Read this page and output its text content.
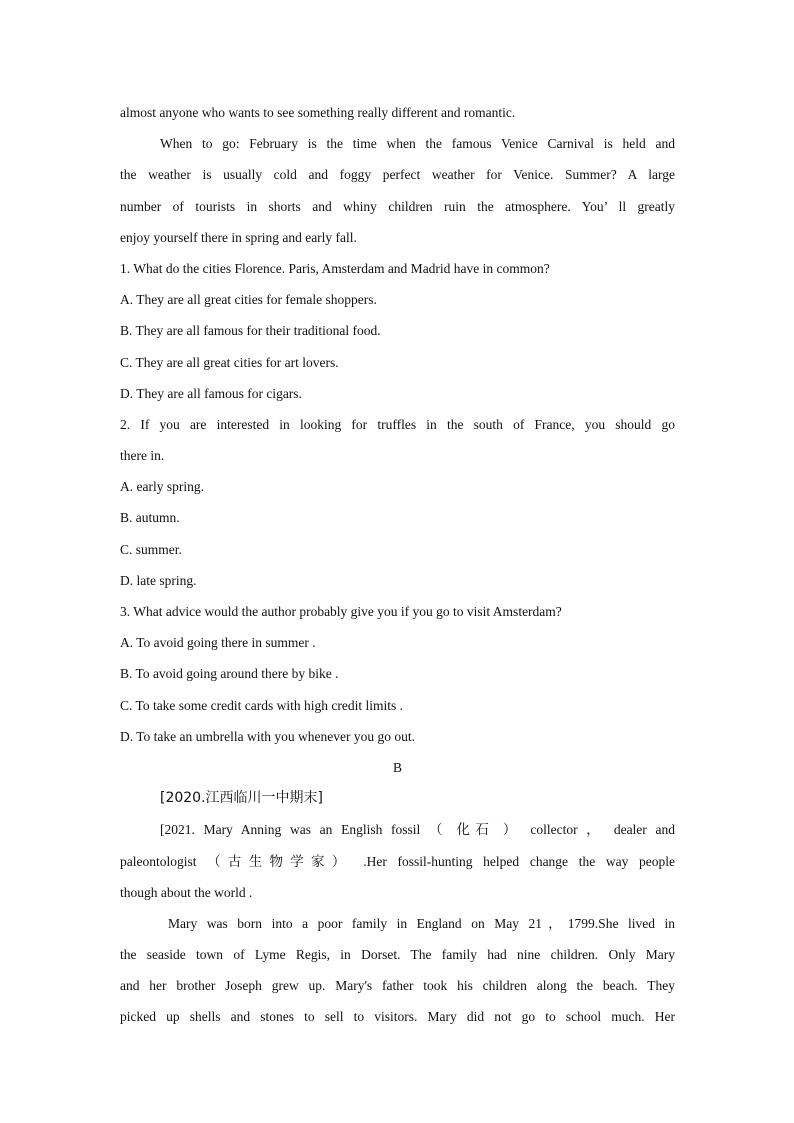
almost anyone who wants to see something really different and romantic.
When to go: February is the time when the famous Venice Carnival is held and
the weather is usually cold and foggy perfect weather for Venice. Summer? A large
number of tourists in shorts and whiny children ruin the atmosphere. You’ ll greatly
enjoy yourself there in spring and early fall.
1. What do the cities Florence. Paris, Amsterdam and Madrid have in common?
A. They are all great cities for female shoppers.
B. They are all famous for their traditional food.
C. They are all great cities for art lovers.
D. They are all famous for cigars.
2. If you are interested in looking for truffles in the south of France, you should go
there in.
A. early spring.
B. autumn.
C. summer.
D. late spring.
3. What advice would the author probably give you if you go to visit Amsterdam?
A. To avoid going there in summer .
B. To avoid going around there by bike .
C. To take some credit cards with high credit limits .
D. To take an umbrella with you whenever you go out.
B
[2020.江西临川一中期末]
[2021. Mary Anning was an English fossil （ 化石 ） collector ， dealer and
paleontologist （古生物学家） .Her fossil-hunting helped change the way people
though about the world .
Mary was born into a poor family in England on May 21，1799.She lived in
the seaside town of Lyme Regis, in Dorset. The family had nine children. Only Mary
and her brother Joseph grew up. Mary's father took his children along the beach. They
picked up shells and stones to sell to visitors. Mary did not go to school much. Her
